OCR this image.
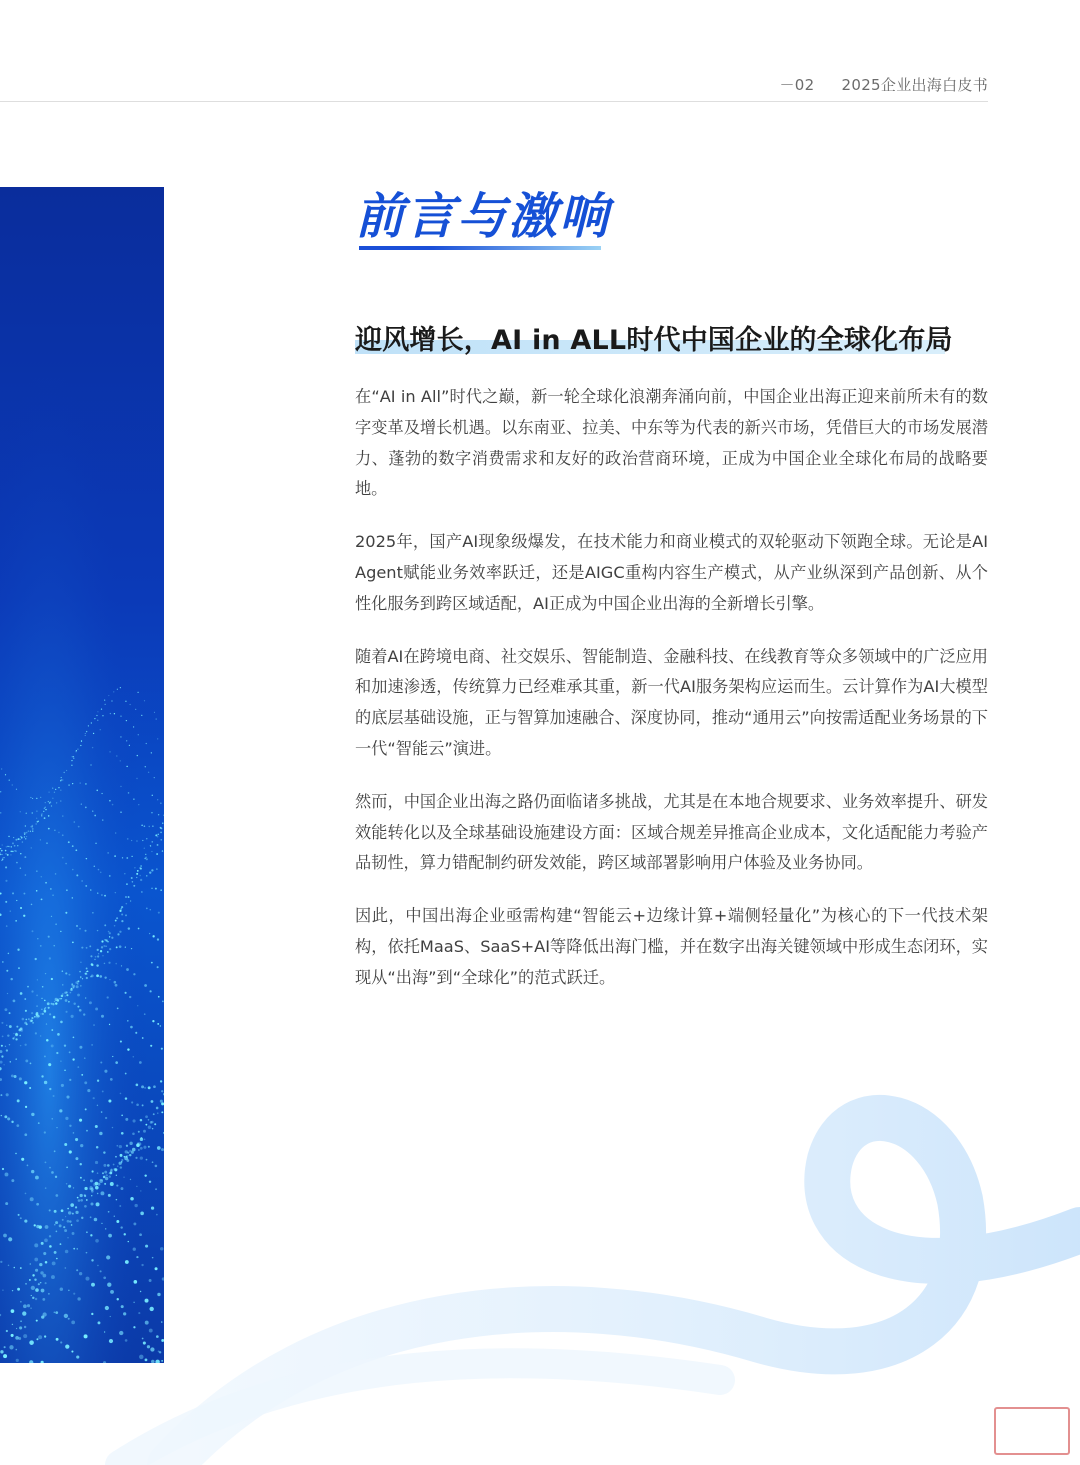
－02 2025企业出海白皮书
前言与激响
迎风增长，AI in ALL时代中国企业的全球化布局

在“AI in All”时代之巅，新一轮全球化浪潮奔涌向前，中国企业出海正迎来前所未有的数字变革及增长机遇。以东南亚、拉美、中东等为代表的新兴市场，凭借巨大的市场发展潜力、蓬勃的数字消费需求和友好的政治营商环境，正成为中国企业全球化布局的战略要地。

2025年，国产AI现象级爆发，在技术能力和商业模式的双轮驱动下领跑全球。无论是AI Agent赋能业务效率跃迁，还是AIGC重构内容生产模式，从产业纵深到产品创新、从个性化服务到跨区域适配，AI正成为中国企业出海的全新增长引擎。

随着AI在跨境电商、社交娱乐、智能制造、金融科技、在线教育等众多领域中的广泛应用和加速渗透，传统算力已经难承其重，新一代AI服务架构应运而生。云计算作为AI大模型的底层基础设施，正与智算加速融合、深度协同，推动“通用云”向按需适配业务场景的下一代“智能云”演进。

然而，中国企业出海之路仍面临诸多挑战，尤其是在本地合规要求、业务效率提升、研发效能转化以及全球基础设施建设方面：区域合规差异推高企业成本，文化适配能力考验产品韧性，算力错配制约研发效能，跨区域部署影响用户体验及业务协同。

因此，中国出海企业亟需构建“智能云+边缘计算+端侧轻量化”为核心的下一代技术架构，依托MaaS、SaaS+AI等降低出海门槛，并在数字出海关键领域中形成生态闭环，实现从“出海”到“全球化”的范式跃迁。
